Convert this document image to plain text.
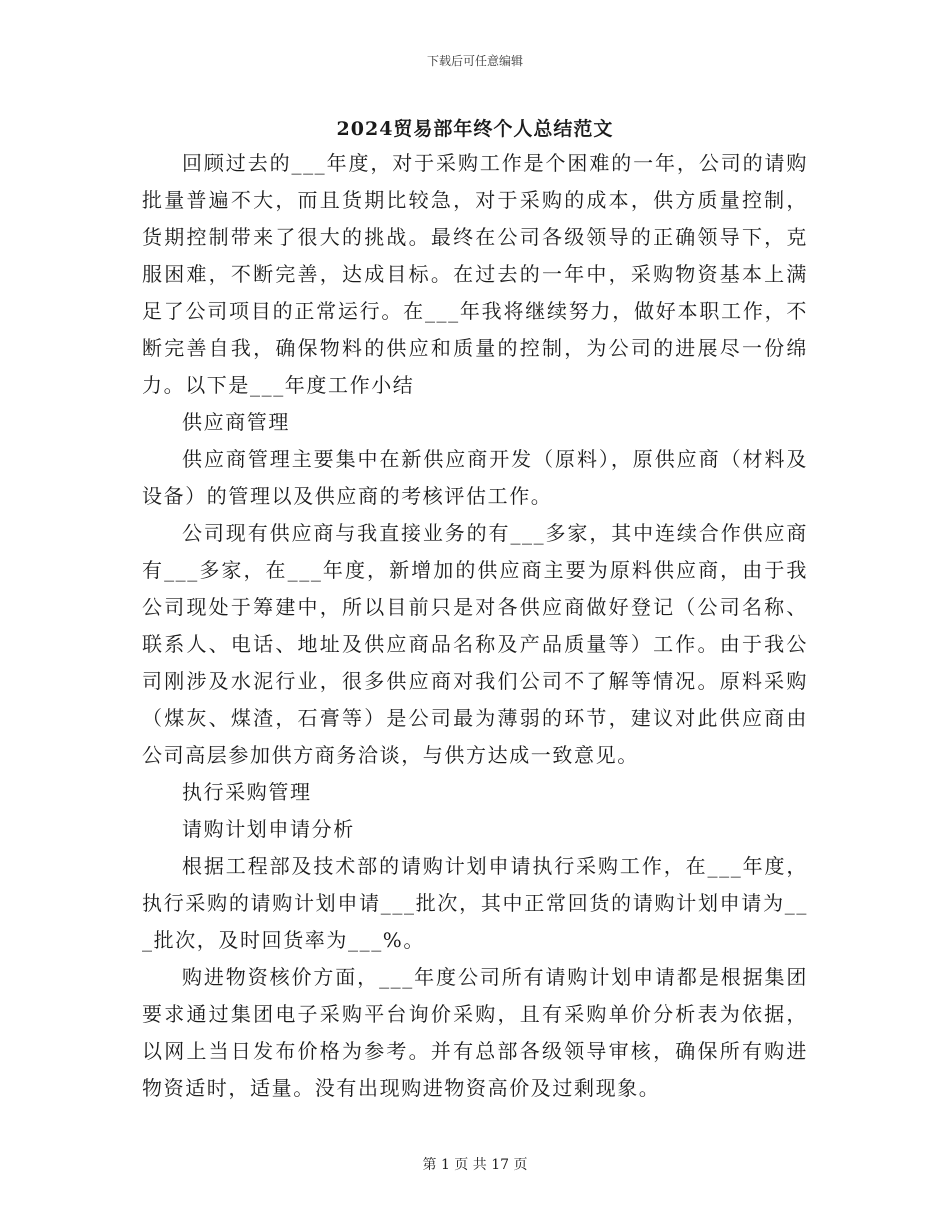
下载后可任意编辑
2024贸易部年终个人总结范文

回顾过去的___年度，对于采购工作是个困难的一年，公司的请购批量普遍不大，而且货期比较急，对于采购的成本，供方质量控制，货期控制带来了很大的挑战。最终在公司各级领导的正确领导下，克服困难，不断完善，达成目标。在过去的一年中，采购物资基本上满足了公司项目的正常运行。在___年我将继续努力，做好本职工作，不断完善自我，确保物料的供应和质量的控制，为公司的进展尽一份绵力。以下是___年度工作小结

供应商管理

供应商管理主要集中在新供应商开发（原料），原供应商（材料及设备）的管理以及供应商的考核评估工作。

公司现有供应商与我直接业务的有___多家，其中连续合作供应商有___多家，在___年度，新增加的供应商主要为原料供应商，由于我公司现处于筹建中，所以目前只是对各供应商做好登记（公司名称、联系人、电话、地址及供应商品名称及产品质量等）工作。由于我公司刚涉及水泥行业，很多供应商对我们公司不了解等情况。原料采购（煤灰、煤渣，石膏等）是公司最为薄弱的环节，建议对此供应商由公司高层参加供方商务洽谈，与供方达成一致意见。

执行采购管理

请购计划申请分析

根据工程部及技术部的请购计划申请执行采购工作，在___年度，执行采购的请购计划申请___批次，其中正常回货的请购计划申请为___批次，及时回货率为___%。

购进物资核价方面，___年度公司所有请购计划申请都是根据集团要求通过集团电子采购平台询价采购，且有采购单价分析表为依据，以网上当日发布价格为参考。并有总部各级领导审核，确保所有购进物资适时，适量。没有出现购进物资高价及过剩现象。

第 1 页 共 17 页
